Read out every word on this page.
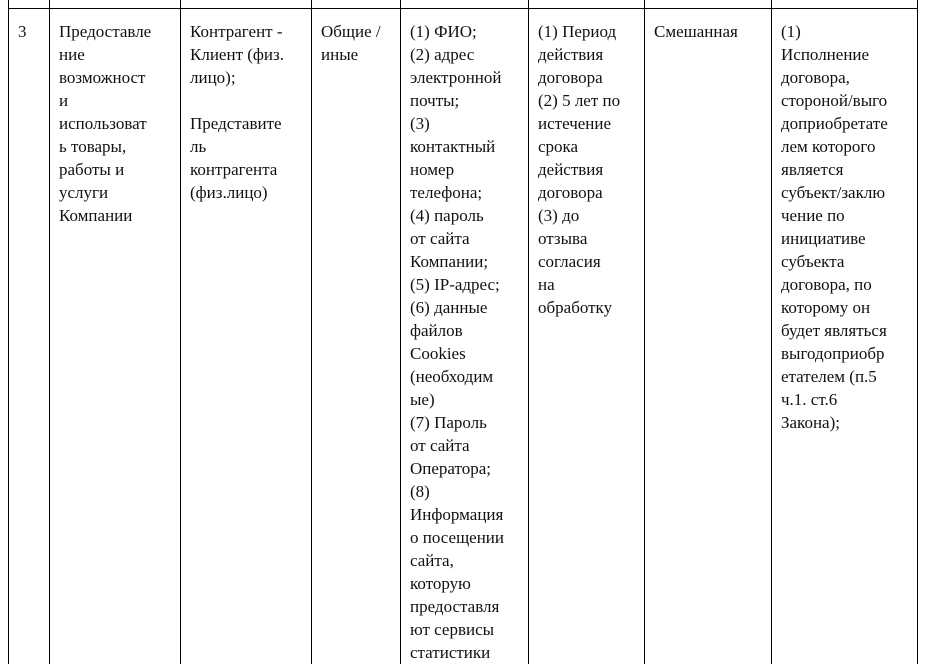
3	Предоставле
ние
возможност
и
использоват
ь товары,
работы и
услуги
Компании
Контрагент -
Клиент (физ.
лицо);

Представите
ль
контрагента
(физ.лицо)
Общие /
иные
(1) ФИО;
(2) адрес
электронной
почты;
(3)
контактный
номер
телефона;
(4) пароль
от сайта
Компании;
(5) IP-адрес;
(6) данные
файлов
Cookies
(необходим
ые)
(7) Пароль
от сайта
Оператора;
(8)
Информация
о посещении
сайта,
которую
предоставля
ют сервисы
статистики
(1) Период
действия
договора
(2) 5 лет по
истечение
срока
действия
договора
(3) до
отзыва
согласия
на
обработку
Смешанная	(1)
Исполнение
договора,
стороной/выго
доприобретате
лем которого
является
субъект/заклю
чение по
инициативе
субъекта
договора, по
которому он
будет являться
выгодоприобр
етателем (п.5
ч.1. ст.6
Закона);
